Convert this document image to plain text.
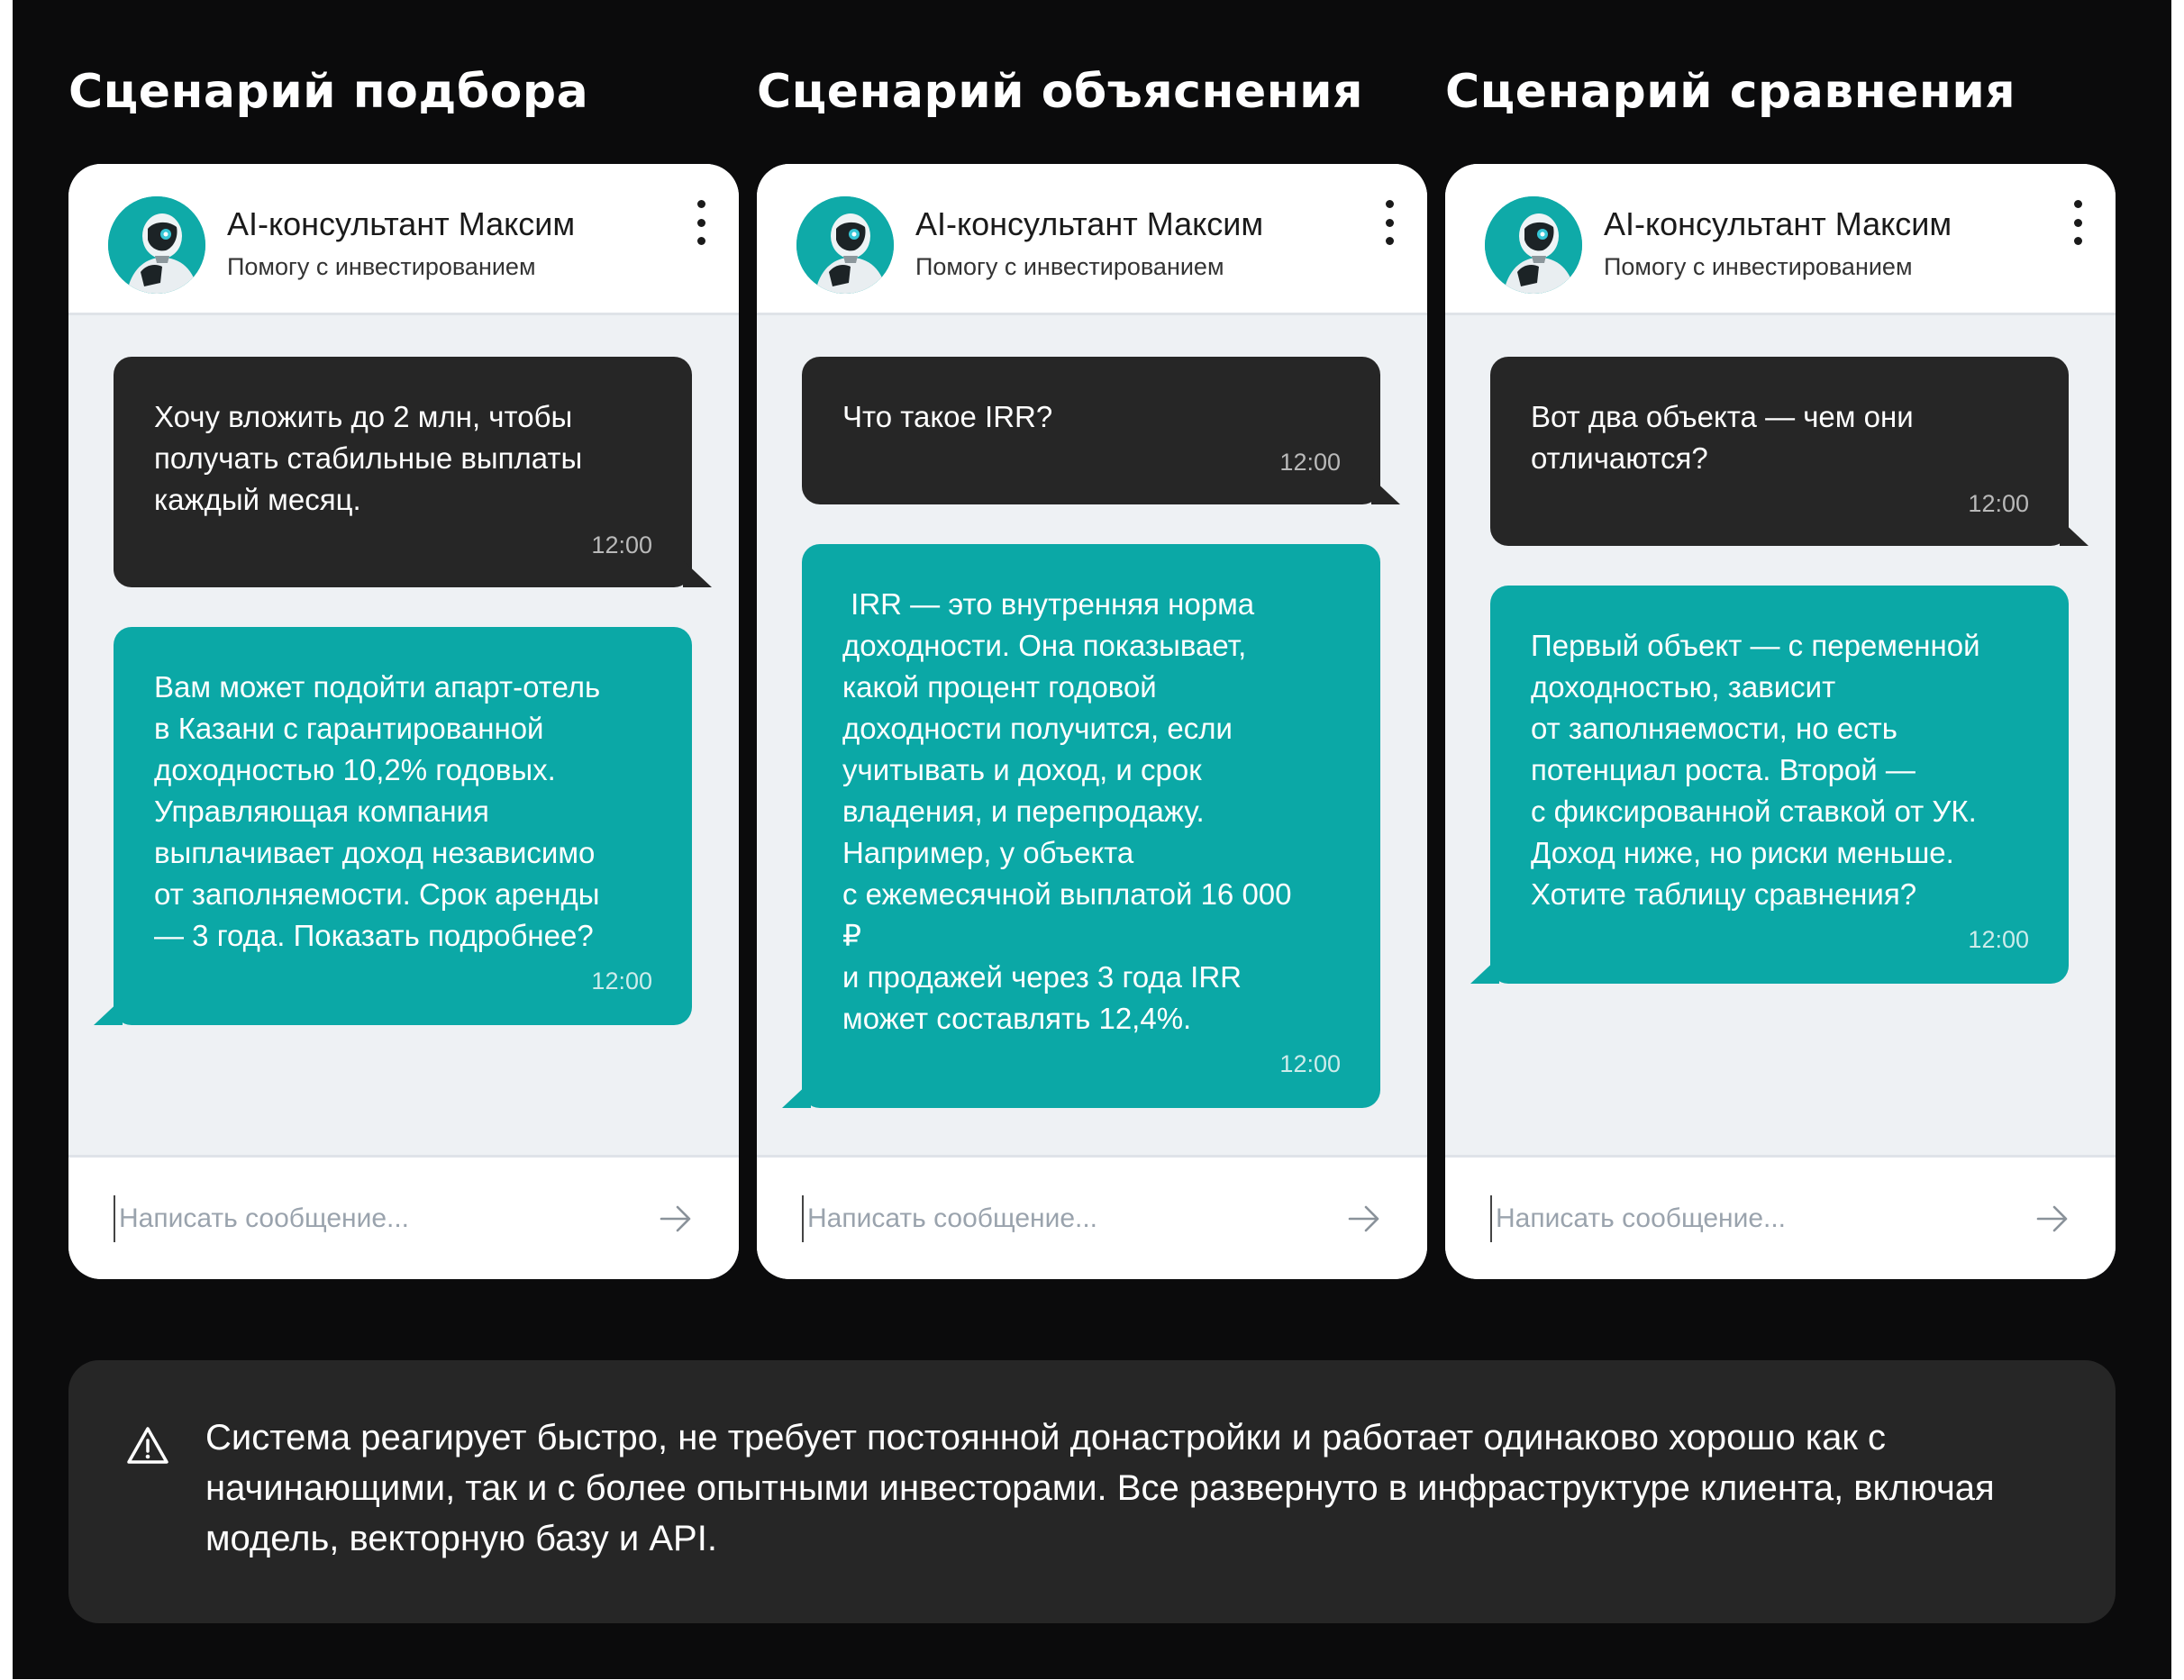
Сценарий подбора	Сценарий объяснения Сценарий сравнения

AI-консультант Максим

Помогу с инвестированием

Хочу вложить до 2 млн, чтобы
получать стабильные выплаты
каждый месяц.

12:00

Вам может подойти апарт-отель
в Казани с гарантированной
доходностью 10,2% годовых.
Управляющая компания
выплачивает доход независимо
от заполняемости. Срок аренды
— 3 года. Показать подробнее?

12:00

Написать сообщение...

AI-консультант Максим

Помогу с инвестированием

Что такое IRR?

12:00

IRR — это внутренняя норма
доходности. Она показывает,
какой процент годовой
доходности получится, если
учитывать и доход, и срок
владения, и перепродажу.
Например, у объекта
с ежемесячной выплатой 16 000
₽
и продажей через 3 года IRR
может составлять 12,4%.

12:00

Написать сообщение...

AI-консультант Максим

Помогу с инвестированием

Вот два объекта — чем они
отличаются?

12:00

Первый объект — с переменной
доходностью, зависит
от заполняемости, но есть
потенциал роста. Второй —
с фиксированной ставкой от УК.
Доход ниже, но риски меньше.
Хотите таблицу сравнения?

12:00

Написать сообщение...

Система реагирует быстро, не требует постоянной донастройки и работает одинаково хорошо как с начинающими, так и с более опытными инвесторами. Все развернуто в инфраструктуре клиента, включая модель, векторную базу и API.
